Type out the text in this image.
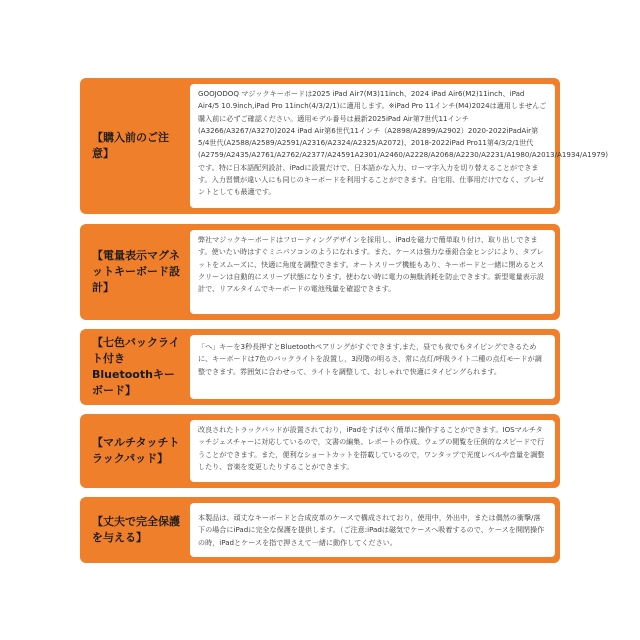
【購入前のご注意】
GOOJODOQ マジックキーボードは2025 iPad Air7(M3)11inch、2024 iPad Air6(M2)11inch、iPad Air4/5 10.9inch,iPad Pro 11inch(4/3/2/1)に適用します。※iPad Pro 11インチ(M4)2024は適用しませんご購入前に必ずご確認ください。適用モデル番号は最新2025iPad Air第7世代11インチ(A3266/A3267/A3270)2024 iPad Air第6世代11インチ（A2898/A2899/A2902）2020-2022iPadAir第5/4世代(A2588/A2589/A2591/A2316/A2324/A2325/A2072)、2018-2022iPad Pro11第4/3/2/1世代(A2759/A2435/A2761/A2762/A2377/A24591A2301/A2460/A2228/A2068/A2230/A2231/A1980/A2013/A1934/A1979)です。特に日本語配列設計、iPadに設置だけで、日本語かな入力、ローマ字入力を切り替えることができます。入力習慣が違い人にも同じのキーボードを利用することができます。自宅用、仕事用だけでなく、プレゼントとしても最適です。
【電量表示マグネットキーボード設計】
弊社マジックキーボードはフローティングデザインを採用し、iPadを磁力で簡単取り付け、取り出しできます。使いたい時はすぐミニパソコンのようになれます。また、ケースは強力な垂鉛合金ヒンジにより、タブレットをスムーズに、快適に角度を調整できます。オートスリープ機能もあり、キーボードと一緒に閉めるとスクリーンは自動的にスリープ状態になります。使わない時に電力の無駄消耗を防止できます。新型電量表示設計で、リアルタイムでキーボードの電池残量を確認できます。
【七色バックライト付きBluetoothキーボード】
「へ」キーを3秒長押すとBluetoothペアリングがすぐできます,また，昼でも夜でもタイピングできるために、キーボードは7色のバックライトを設置し，3段階の明るさ，常に点灯/呼吸ライト二種の点灯モードが調整できます。雰囲気に合わせって、ライトを調整して、おしゃれで快適にタイピングられます。
【マルチタッチトラックパッド】
改良されたトラックパッドが設置されており，iPadをすばやく簡単に操作することができます。IOSマルチタッチジェスチャーに対応しているので，文書の編集、レポートの作成、ウェブの閲覧を圧倒的なスピードで行うことができます。また，便利なショートカットを搭載しているので，ワンタップで光度レベルや音量を調整したり、音楽を変更したりすることができます。
【丈夫で完全保護を与える】
本製品は、頑丈なキーボードと合成皮革のケースで構成されており，使用中，外出中，または偶然の衝撃/落下の場合にiPadに完全な保護を提供します。（ご注意:iPadは磁気でケースへ吸着するので、ケースを開閉操作の時，iPadとケースを指で押さえて一緒に動作してください。
